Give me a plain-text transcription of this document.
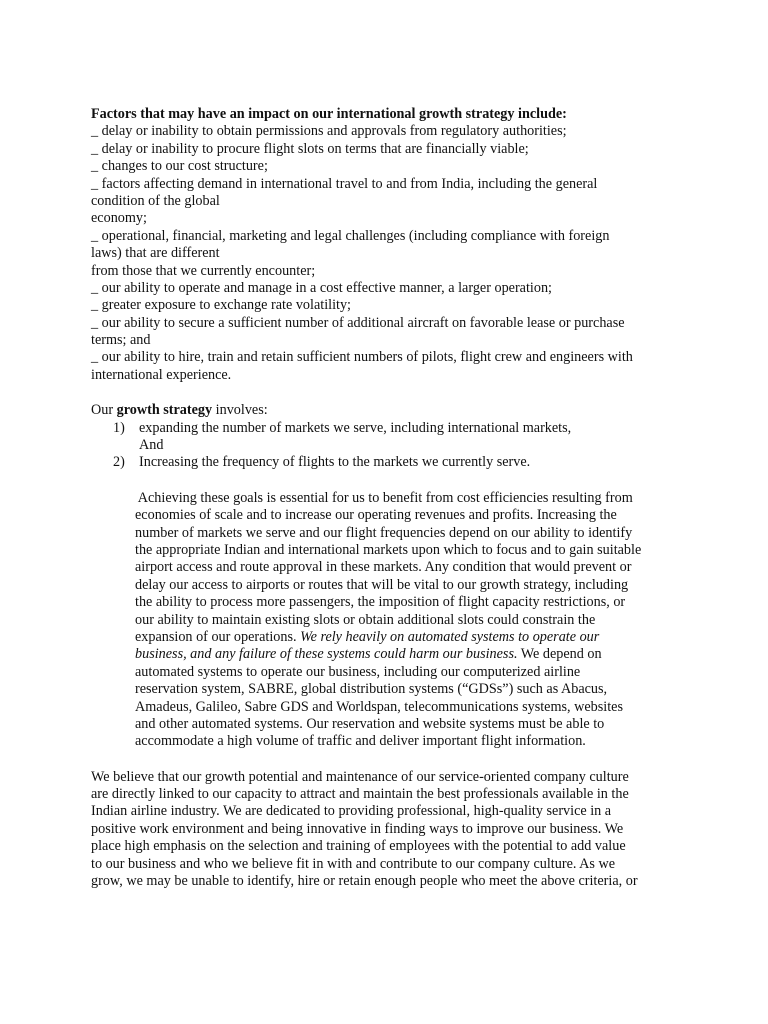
Factors that may have an impact on our international growth strategy include:
_ delay or inability to obtain permissions and approvals from regulatory authorities;
_ delay or inability to procure flight slots on terms that are financially viable;
_ changes to our cost structure;
_ factors affecting demand in international travel to and from India, including the general
condition of the global
economy;
_ operational, financial, marketing and legal challenges (including compliance with foreign
laws) that are different
from those that we currently encounter;
_ our ability to operate and manage in a cost effective manner, a larger operation;
_ greater exposure to exchange rate volatility;
_ our ability to secure a sufficient number of additional aircraft on favorable lease or purchase
terms; and
_ our ability to hire, train and retain sufficient numbers of pilots, flight crew and engineers with
international experience.
Our growth strategy involves:
1) expanding the number of markets we serve, including international markets,
And
2) Increasing the frequency of flights to the markets we currently serve.
Achieving these goals is essential for us to benefit from cost efficiencies resulting from
economies of scale and to increase our operating revenues and profits. Increasing the
number of markets we serve and our flight frequencies depend on our ability to identify
the appropriate Indian and international markets upon which to focus and to gain suitable
airport access and route approval in these markets. Any condition that would prevent or
delay our access to airports or routes that will be vital to our growth strategy, including
the ability to process more passengers, the imposition of flight capacity restrictions, or
our ability to maintain existing slots or obtain additional slots could constrain the
expansion of our operations. We rely heavily on automated systems to operate our
business, and any failure of these systems could harm our business. We depend on
automated systems to operate our business, including our computerized airline
reservation system, SABRE, global distribution systems (“GDSs”) such as Abacus,
Amadeus, Galileo, Sabre GDS and Worldspan, telecommunications systems, websites
and other automated systems. Our reservation and website systems must be able to
accommodate a high volume of traffic and deliver important flight information.
We believe that our growth potential and maintenance of our service-oriented company culture
are directly linked to our capacity to attract and maintain the best professionals available in the
Indian airline industry. We are dedicated to providing professional, high-quality service in a
positive work environment and being innovative in finding ways to improve our business. We
place high emphasis on the selection and training of employees with the potential to add value
to our business and who we believe fit in with and contribute to our company culture. As we
grow, we may be unable to identify, hire or retain enough people who meet the above criteria, or
